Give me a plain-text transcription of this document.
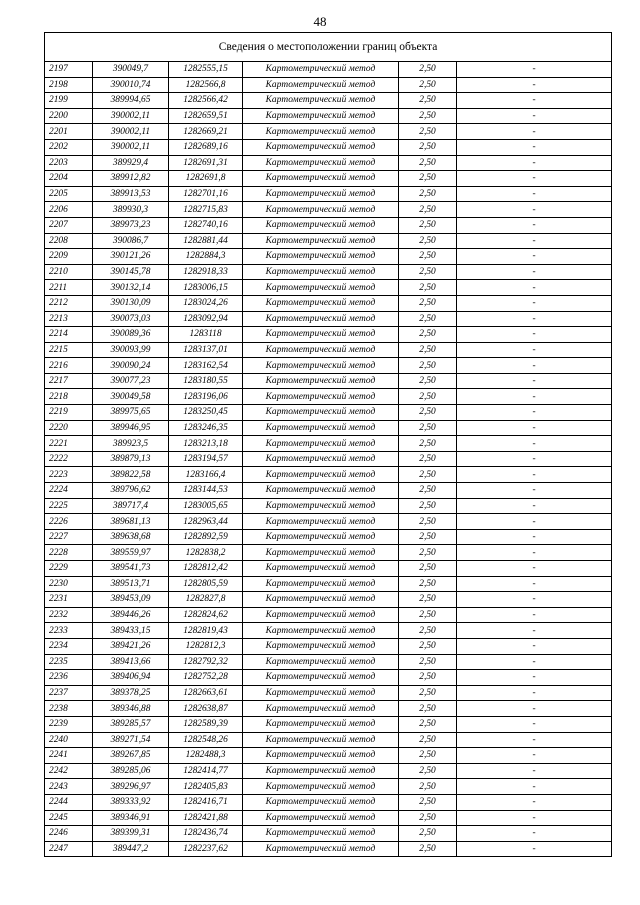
48
Сведения о местоположении границ объекта					
2197	390049,7	1282555,15	Картометрический метод	2,50	-
2198	390010,74	1282566,8	Картометрический метод	2,50	-
2199	389994,65	1282566,42	Картометрический метод	2,50	-
2200	390002,11	1282659,51	Картометрический метод	2,50	-
2201	390002,11	1282669,21	Картометрический метод	2,50	-
2202	390002,11	1282689,16	Картометрический метод	2,50	-
2203	389929,4	1282691,31	Картометрический метод	2,50	-
2204	389912,82	1282691,8	Картометрический метод	2,50	-
2205	389913,53	1282701,16	Картометрический метод	2,50	-
2206	389930,3	1282715,83	Картометрический метод	2,50	-
2207	389973,23	1282740,16	Картометрический метод	2,50	-
2208	390086,7	1282881,44	Картометрический метод	2,50	-
2209	390121,26	1282884,3	Картометрический метод	2,50	-
2210	390145,78	1282918,33	Картометрический метод	2,50	-
2211	390132,14	1283006,15	Картометрический метод	2,50	-
2212	390130,09	1283024,26	Картометрический метод	2,50	-
2213	390073,03	1283092,94	Картометрический метод	2,50	-
2214	390089,36	1283118	Картометрический метод	2,50	-
2215	390093,99	1283137,01	Картометрический метод	2,50	-
2216	390090,24	1283162,54	Картометрический метод	2,50	-
2217	390077,23	1283180,55	Картометрический метод	2,50	-
2218	390049,58	1283196,06	Картометрический метод	2,50	-
2219	389975,65	1283250,45	Картометрический метод	2,50	-
2220	389946,95	1283246,35	Картометрический метод	2,50	-
2221	389923,5	1283213,18	Картометрический метод	2,50	-
2222	389879,13	1283194,57	Картометрический метод	2,50	-
2223	389822,58	1283166,4	Картометрический метод	2,50	-
2224	389796,62	1283144,53	Картометрический метод	2,50	-
2225	389717,4	1283005,65	Картометрический метод	2,50	-
2226	389681,13	1282963,44	Картометрический метод	2,50	-
2227	389638,68	1282892,59	Картометрический метод	2,50	-
2228	389559,97	1282838,2	Картометрический метод	2,50	-
2229	389541,73	1282812,42	Картометрический метод	2,50	-
2230	389513,71	1282805,59	Картометрический метод	2,50	-
2231	389453,09	1282827,8	Картометрический метод	2,50	-
2232	389446,26	1282824,62	Картометрический метод	2,50	-
2233	389433,15	1282819,43	Картометрический метод	2,50	-
2234	389421,26	1282812,3	Картометрический метод	2,50	-
2235	389413,66	1282792,32	Картометрический метод	2,50	-
2236	389406,94	1282752,28	Картометрический метод	2,50	-
2237	389378,25	1282663,61	Картометрический метод	2,50	-
2238	389346,88	1282638,87	Картометрический метод	2,50	-
2239	389285,57	1282589,39	Картометрический метод	2,50	-
2240	389271,54	1282548,26	Картометрический метод	2,50	-
2241	389267,85	1282488,3	Картометрический метод	2,50	-
2242	389285,06	1282414,77	Картометрический метод	2,50	-
2243	389296,97	1282405,83	Картометрический метод	2,50	-
2244	389333,92	1282416,71	Картометрический метод	2,50	-
2245	389346,91	1282421,88	Картометрический метод	2,50	-
2246	389399,31	1282436,74	Картометрический метод	2,50	-
2247	389447,2	1282237,62	Картометрический метод	2,50	-
